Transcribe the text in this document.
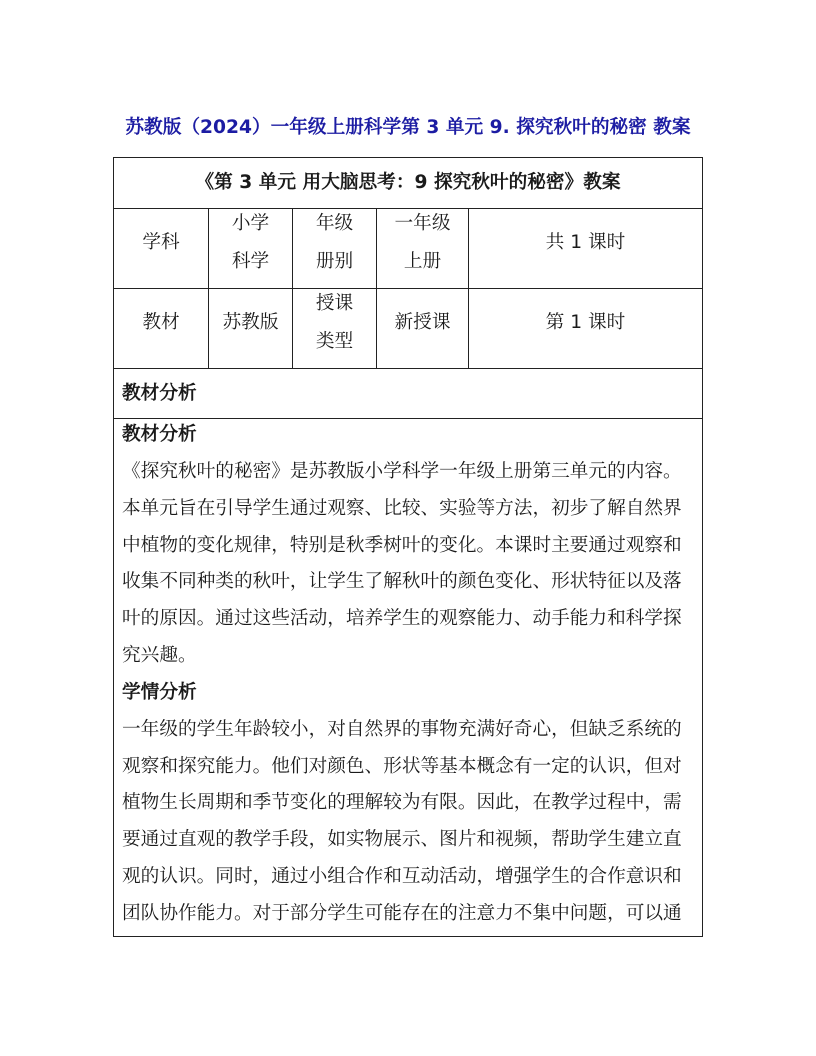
苏教版（2024）一年级上册科学第 3 单元 9. 探究秋叶的秘密 教案
《第 3 单元 用大脑思考：9 探究秋叶的秘密》教案
学科
小学
科学
年级
册别
一年级
上册
共 1 课时
教材 苏教版
授课
类型
新授课	第 1 课时
教材分析
教材分析
《探究秋叶的秘密》是苏教版小学科学一年级上册第三单元的内容。
本单元旨在引导学生通过观察、比较、实验等方法，初步了解自然界
中植物的变化规律，特别是秋季树叶的变化。本课时主要通过观察和
收集不同种类的秋叶，让学生了解秋叶的颜色变化、形状特征以及落
叶的原因。通过这些活动，培养学生的观察能力、动手能力和科学探
究兴趣。
学情分析
一年级的学生年龄较小，对自然界的事物充满好奇心，但缺乏系统的
观察和探究能力。他们对颜色、形状等基本概念有一定的认识，但对
植物生长周期和季节变化的理解较为有限。因此，在教学过程中，需
要通过直观的教学手段，如实物展示、图片和视频，帮助学生建立直
观的认识。同时，通过小组合作和互动活动，增强学生的合作意识和
团队协作能力。对于部分学生可能存在的注意力不集中问题，可以通
